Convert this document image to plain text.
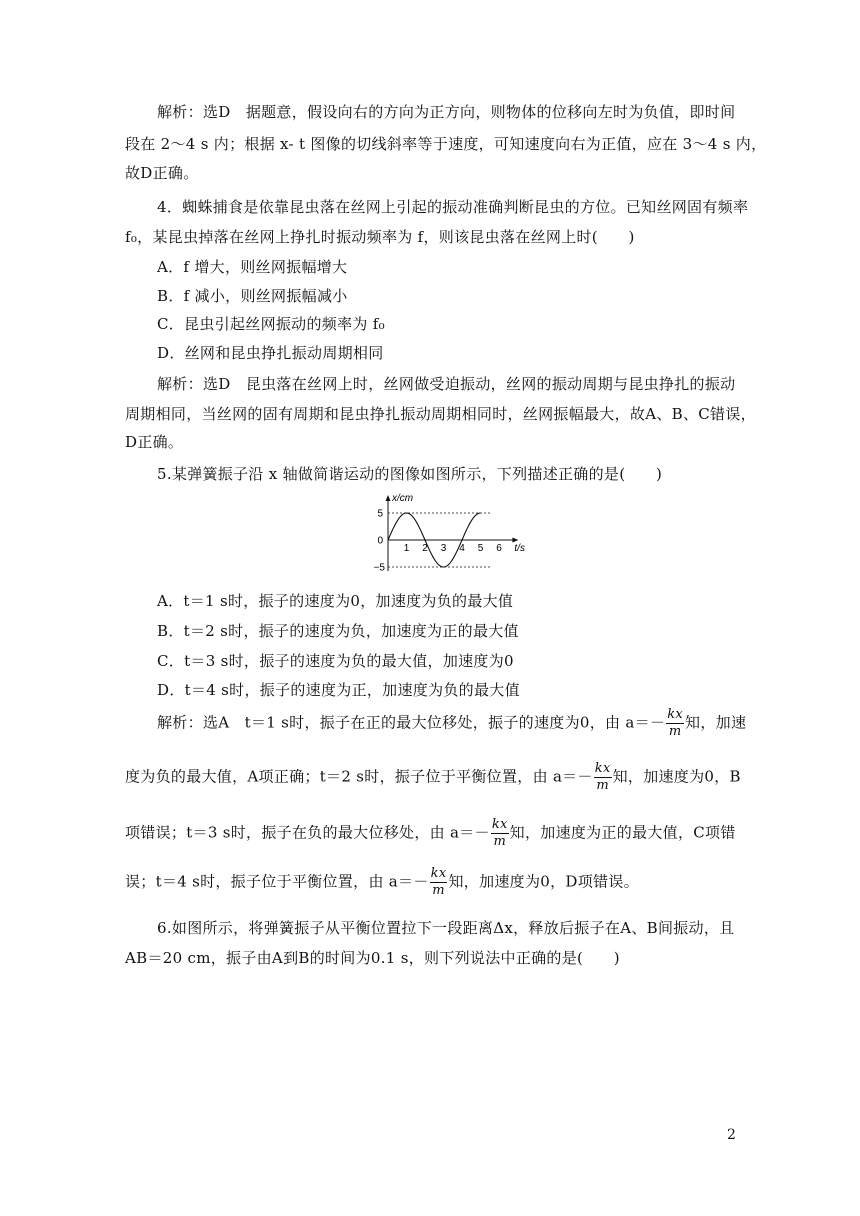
解析：选D　据题意，假设向右的方向为正方向，则物体的位移向左时为负值，即时间
段在 2～4 s 内；根据 x- t 图像的切线斜率等于速度，可知速度向右为正值，应在 3～4 s 内，
故D正确。
4．蜘蛛捕食是依靠昆虫落在丝网上引起的振动准确判断昆虫的方位。已知丝网固有频率
f₀，某昆虫掉落在丝网上挣扎时振动频率为 f，则该昆虫落在丝网上时(　　)
A．f 增大，则丝网振幅增大
B．f 减小，则丝网振幅减小
C．昆虫引起丝网振动的频率为 f₀
D．丝网和昆虫挣扎振动周期相同
解析：选D　昆虫落在丝网上时，丝网做受迫振动，丝网的振动周期与昆虫挣扎的振动
周期相同，当丝网的固有周期和昆虫挣扎振动周期相同时，丝网振幅最大，故A、B、C错误，
D正确。
5.某弹簧振子沿 x 轴做简谐运动的图像如图所示，下列描述正确的是(　　)
1 2 3 4 5 6
5
0
−5
x/cm
t/s
A．t＝1 s时，振子的速度为0，加速度为负的最大值
B．t＝2 s时，振子的速度为负，加速度为正的最大值
C．t＝3 s时，振子的速度为负的最大值，加速度为0
D．t＝4 s时，振子的速度为正，加速度为负的最大值
解析：选A　t＝1 s时，振子在正的最大位移处，振子的速度为0，由 $a=- \frac{kx}{m}$ 知，加速
度为负的最大值，A项正确；t＝2 s时，振子位于平衡位置，由 $a=- \frac{kx}{m}$ 知，加速度为0，B
项错误；t＝3 s时，振子在负的最大位移处，由 $a=- \frac{kx}{m}$ 知，加速度为正的最大值，C项错
误；t＝4 s时，振子位于平衡位置，由 $a=- \frac{kx}{m}$ 知，加速度为0，D项错误。
6.如图所示，将弹簧振子从平衡位置拉下一段距离Δx，释放后振子在A、B间振动，且
AB＝20 cm，振子由A到B的时间为0.1 s，则下列说法中正确的是(　　)
2
